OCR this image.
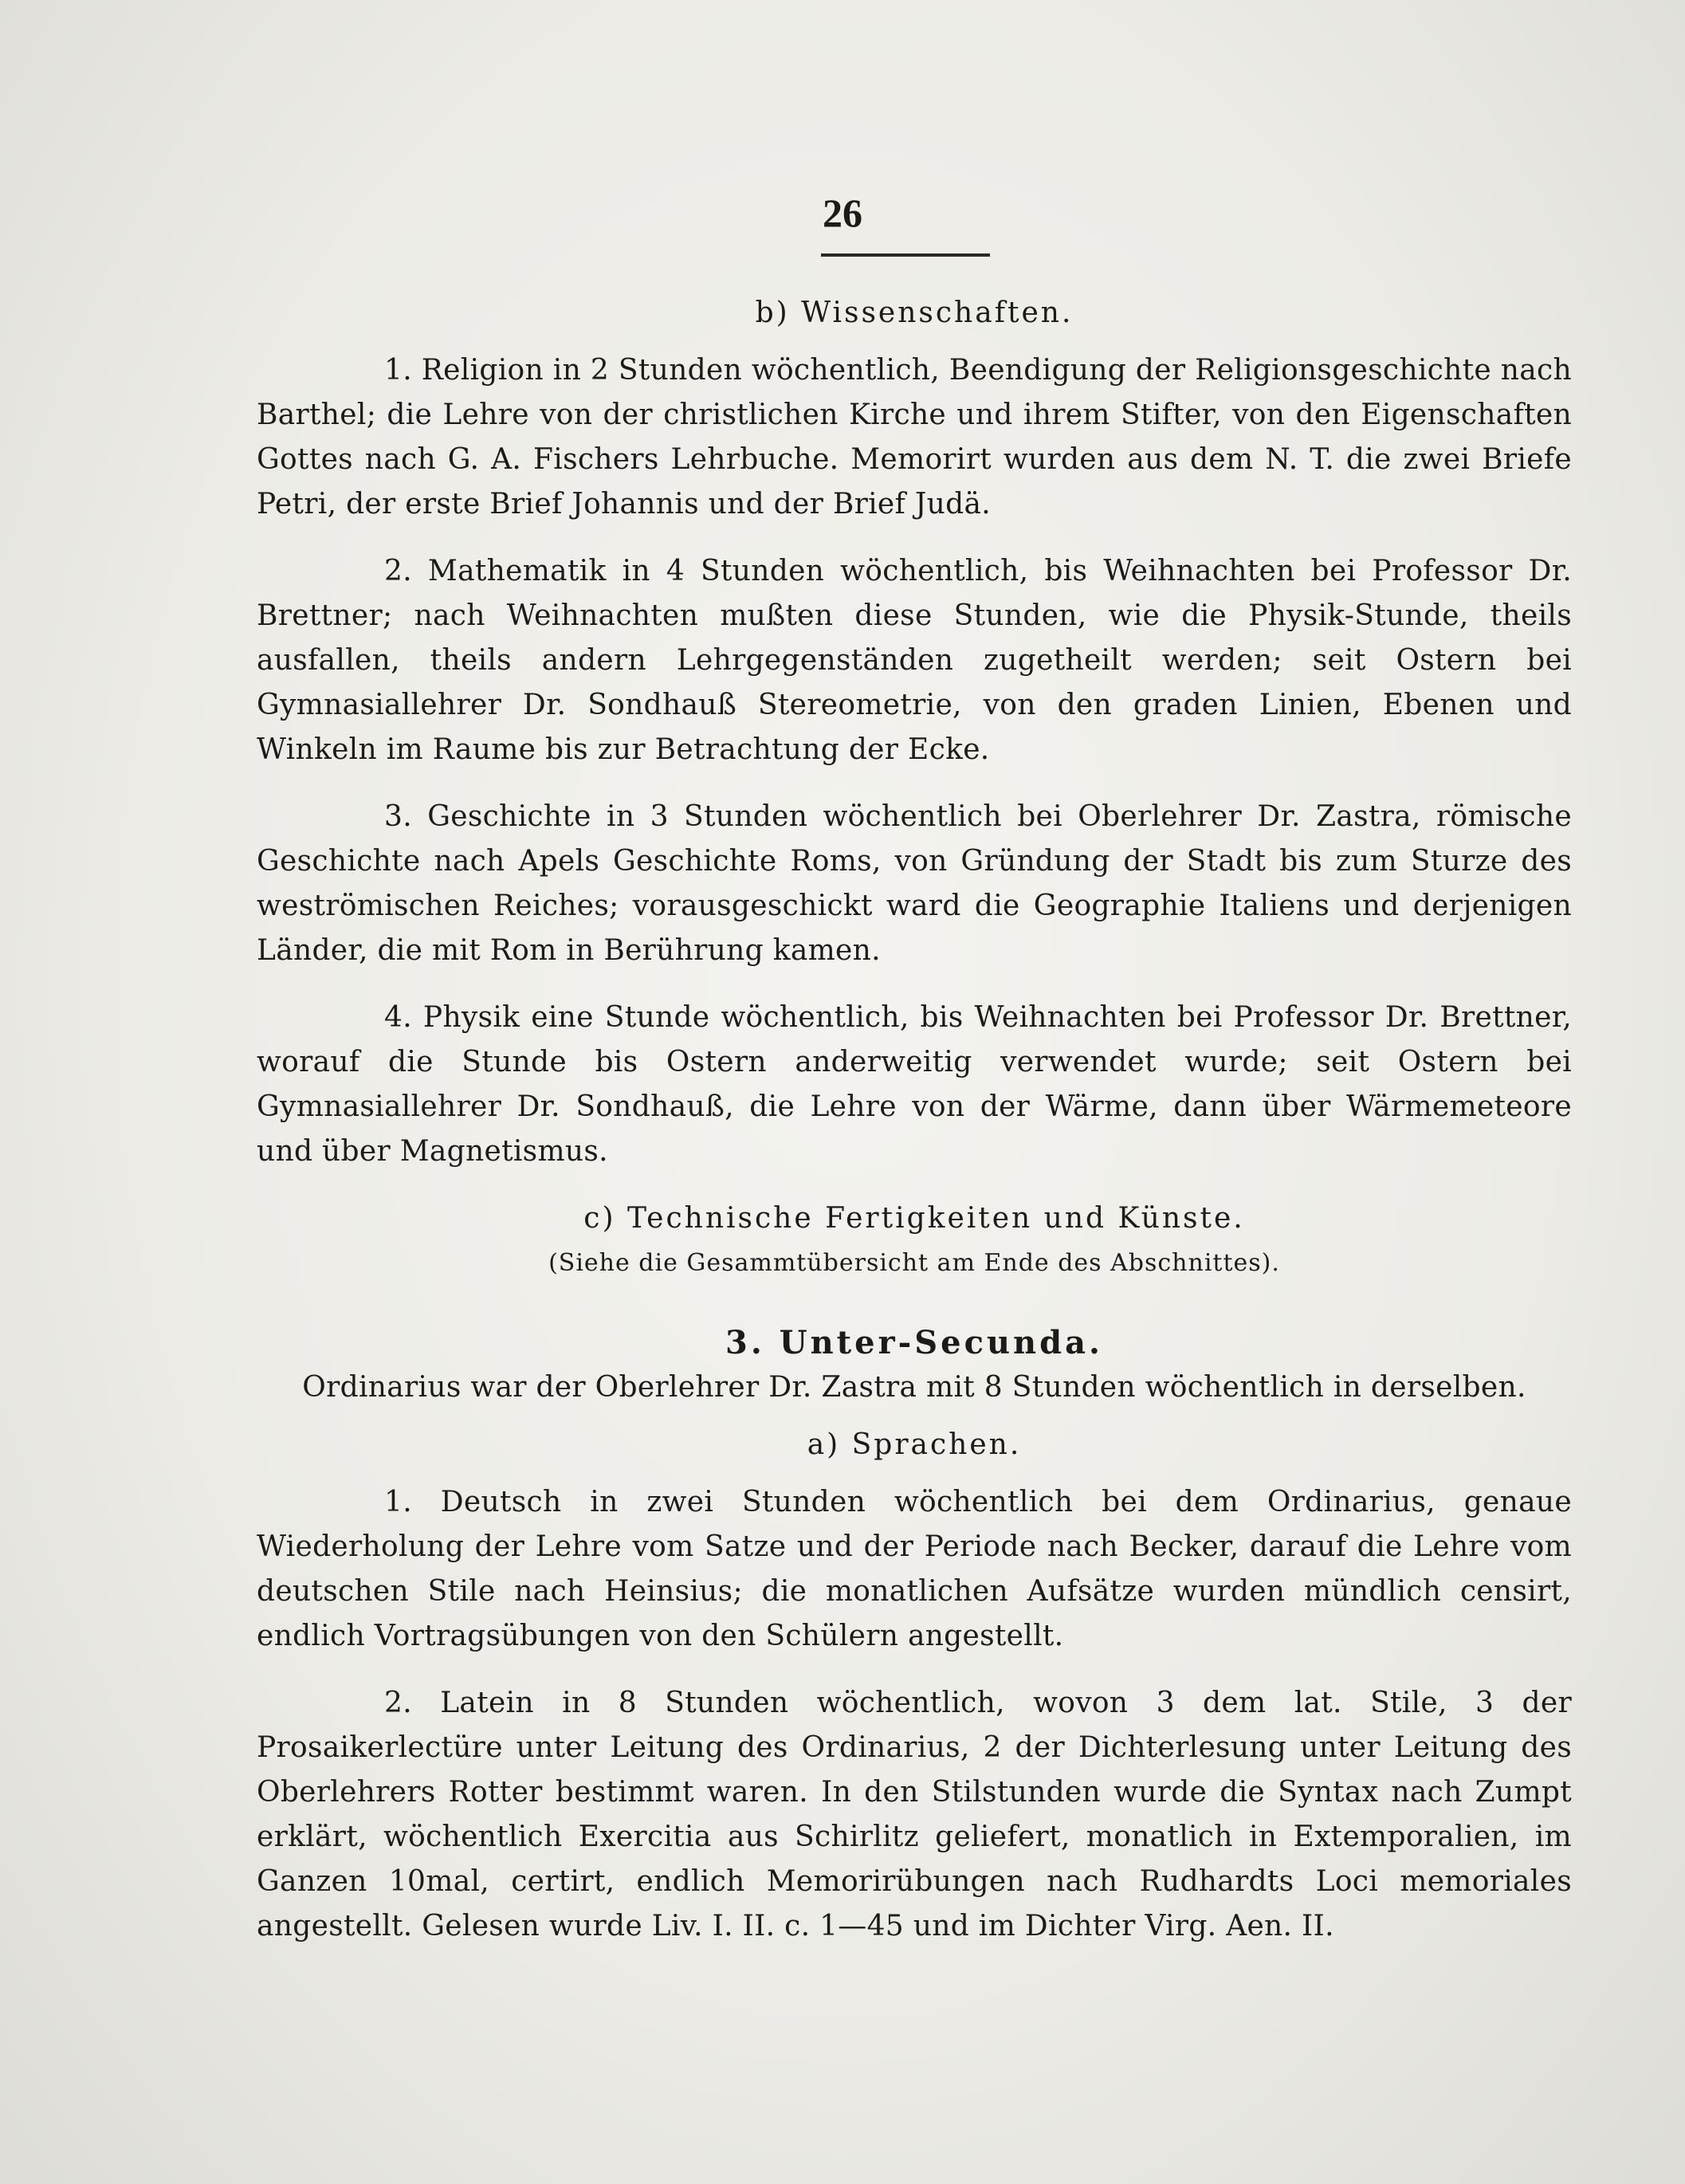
26

b) Wissenschaften.

1. Religion in 2 Stunden wöchentlich, Beendigung der Religionsgeschichte nach Barthel; die Lehre von der christlichen Kirche und ihrem Stifter, von den Eigenschaften Gottes nach G. A. Fischers Lehrbuche. Memorirt wurden aus dem N. T. die zwei Briefe Petri, der erste Brief Johannis und der Brief Judä.

2. Mathematik in 4 Stunden wöchentlich, bis Weihnachten bei Professor Dr. Brettner; nach Weihnachten mußten diese Stunden, wie die Physik-Stunde, theils ausfallen, theils andern Lehrgegenständen zugetheilt werden; seit Ostern bei Gymnasiallehrer Dr. Sondhauß Stereometrie, von den graden Linien, Ebenen und Winkeln im Raume bis zur Betrachtung der Ecke.

3. Geschichte in 3 Stunden wöchentlich bei Oberlehrer Dr. Zastra, römische Geschichte nach Apels Geschichte Roms, von Gründung der Stadt bis zum Sturze des weströmischen Reiches; vorausgeschickt ward die Geographie Italiens und derjenigen Länder, die mit Rom in Berührung kamen.

4. Physik eine Stunde wöchentlich, bis Weihnachten bei Professor Dr. Brettner, worauf die Stunde bis Ostern anderweitig verwendet wurde; seit Ostern bei Gymnasiallehrer Dr. Sondhauß, die Lehre von der Wärme, dann über Wärmemeteore und über Magnetismus.

c) Technische Fertigkeiten und Künste.

(Siehe die Gesammtübersicht am Ende des Abschnittes).

3. Unter-Secunda.

Ordinarius war der Oberlehrer Dr. Zastra mit 8 Stunden wöchentlich in derselben.

a) Sprachen.

1. Deutsch in zwei Stunden wöchentlich bei dem Ordinarius, genaue Wiederholung der Lehre vom Satze und der Periode nach Becker, darauf die Lehre vom deutschen Stile nach Heinsius; die monatlichen Aufsätze wurden mündlich censirt, endlich Vortragsübungen von den Schülern angestellt.

2. Latein in 8 Stunden wöchentlich, wovon 3 dem lat. Stile, 3 der Prosaikerlectüre unter Leitung des Ordinarius, 2 der Dichterlesung unter Leitung des Oberlehrers Rotter bestimmt waren. In den Stilstunden wurde die Syntax nach Zumpt erklärt, wöchentlich Exercitia aus Schirlitz geliefert, monatlich in Extemporalien, im Ganzen 10mal, certirt, endlich Memorirübungen nach Rudhardts Loci memoriales angestellt. Gelesen wurde Liv. I. II. c. 1—45 und im Dichter Virg. Aen. II.
